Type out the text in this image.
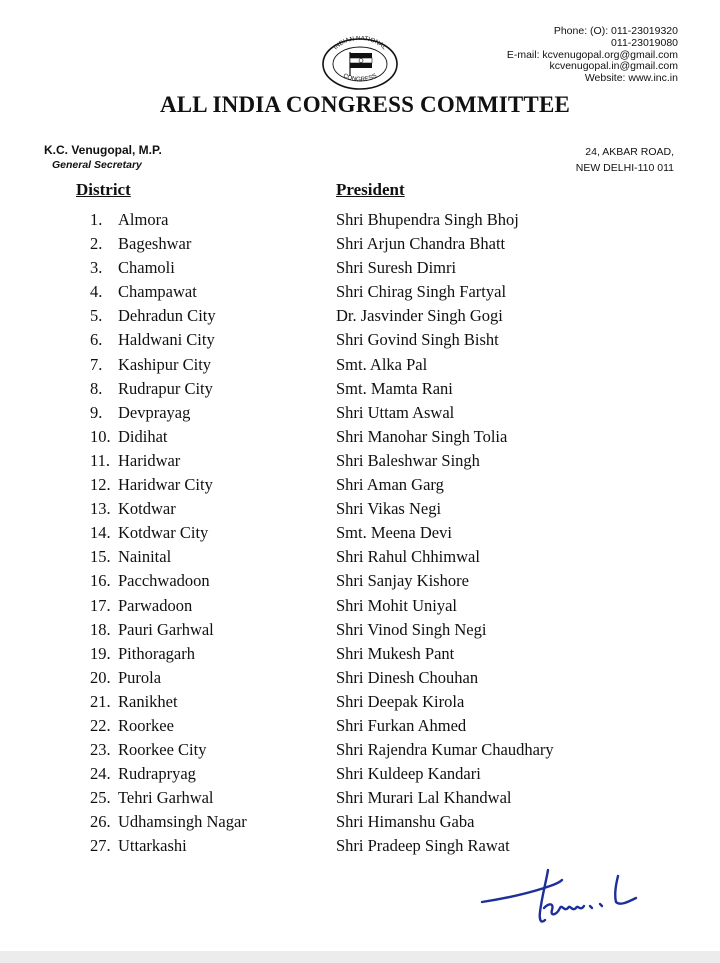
Phone: (O): 011-23019320
011-23019080
E-mail: kcvenugopal.org@gmail.com
kcvenugopal.in@gmail.com
Website: www.inc.in
INDIAN NATIONAL
CONGRESS
ALL INDIA CONGRESS COMMITTEE
K.C. Venugopal, M.P.
General Secretary
24, AKBAR ROAD,
NEW DELHI-110 011
District	President
1. Almora	Shri Bhupendra Singh Bhoj
2. Bageshwar	Shri Arjun Chandra Bhatt
3. Chamoli	Shri Suresh Dimri
4. Champawat	Shri Chirag Singh Fartyal
5. Dehradun City	Dr. Jasvinder Singh Gogi
6. Haldwani City	Shri Govind Singh Bisht
7. Kashipur City	Smt. Alka Pal
8. Rudrapur City	Smt. Mamta Rani
9. Devprayag	Shri Uttam Aswal
10. Didihat	Shri Manohar Singh Tolia
11. Haridwar	Shri Baleshwar Singh
12. Haridwar City	Shri Aman Garg
13. Kotdwar	Shri Vikas Negi
14. Kotdwar City	Smt. Meena Devi
15. Nainital	Shri Rahul Chhimwal
16. Pacchwadoon	Shri Sanjay Kishore
17. Parwadoon	Shri Mohit Uniyal
18. Pauri Garhwal	Shri Vinod Singh Negi
19. Pithoragarh	Shri Mukesh Pant
20. Purola	Shri Dinesh Chouhan
21. Ranikhet	Shri Deepak Kirola
22. Roorkee	Shri Furkan Ahmed
23. Roorkee City	Shri Rajendra Kumar Chaudhary
24. Rudrapryag	Shri Kuldeep Kandari
25. Tehri Garhwal	Shri Murari Lal Khandwal
26. Udhamsingh Nagar	Shri Himanshu Gaba
27. Uttarkashi	Shri Pradeep Singh Rawat
